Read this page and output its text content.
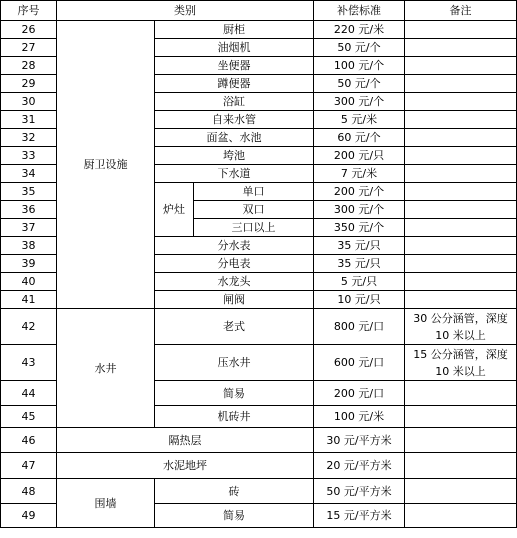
序号	类别			补偿标准	备注
26	厨卫设施	厨柜		220 元/米	
27		油烟机		50 元/个	
28		坐便器		100 元/个	
29		蹲便器		50 元/个	
30		浴缸		300 元/个	
31		自来水管		5 元/米	
32		面盆、水池		60 元/个	
33		垮池		200 元/只	
34		下水道		7 元/米	
35		炉灶	单口	200 元/个	
36			双口	300 元/个	
37			三口以上	350 元/个	
38		分水表		35 元/只	
39		分电表		35 元/只	
40		水龙头		5 元/只	
41		闸阀		10 元/只	
42	水井	老式		800 元/口	30 公分涵管，深度 10 米以上
43		压水井		600 元/口	15 公分涵管，深度 10 米以上
44		简易		200 元/口	
45		机砖井		100 元/米	
46	隔热层			30 元/平方米	
47	水泥地坪			20 元/平方米	
48	围墙	砖		50 元/平方米	
49		简易		15 元/平方米	
